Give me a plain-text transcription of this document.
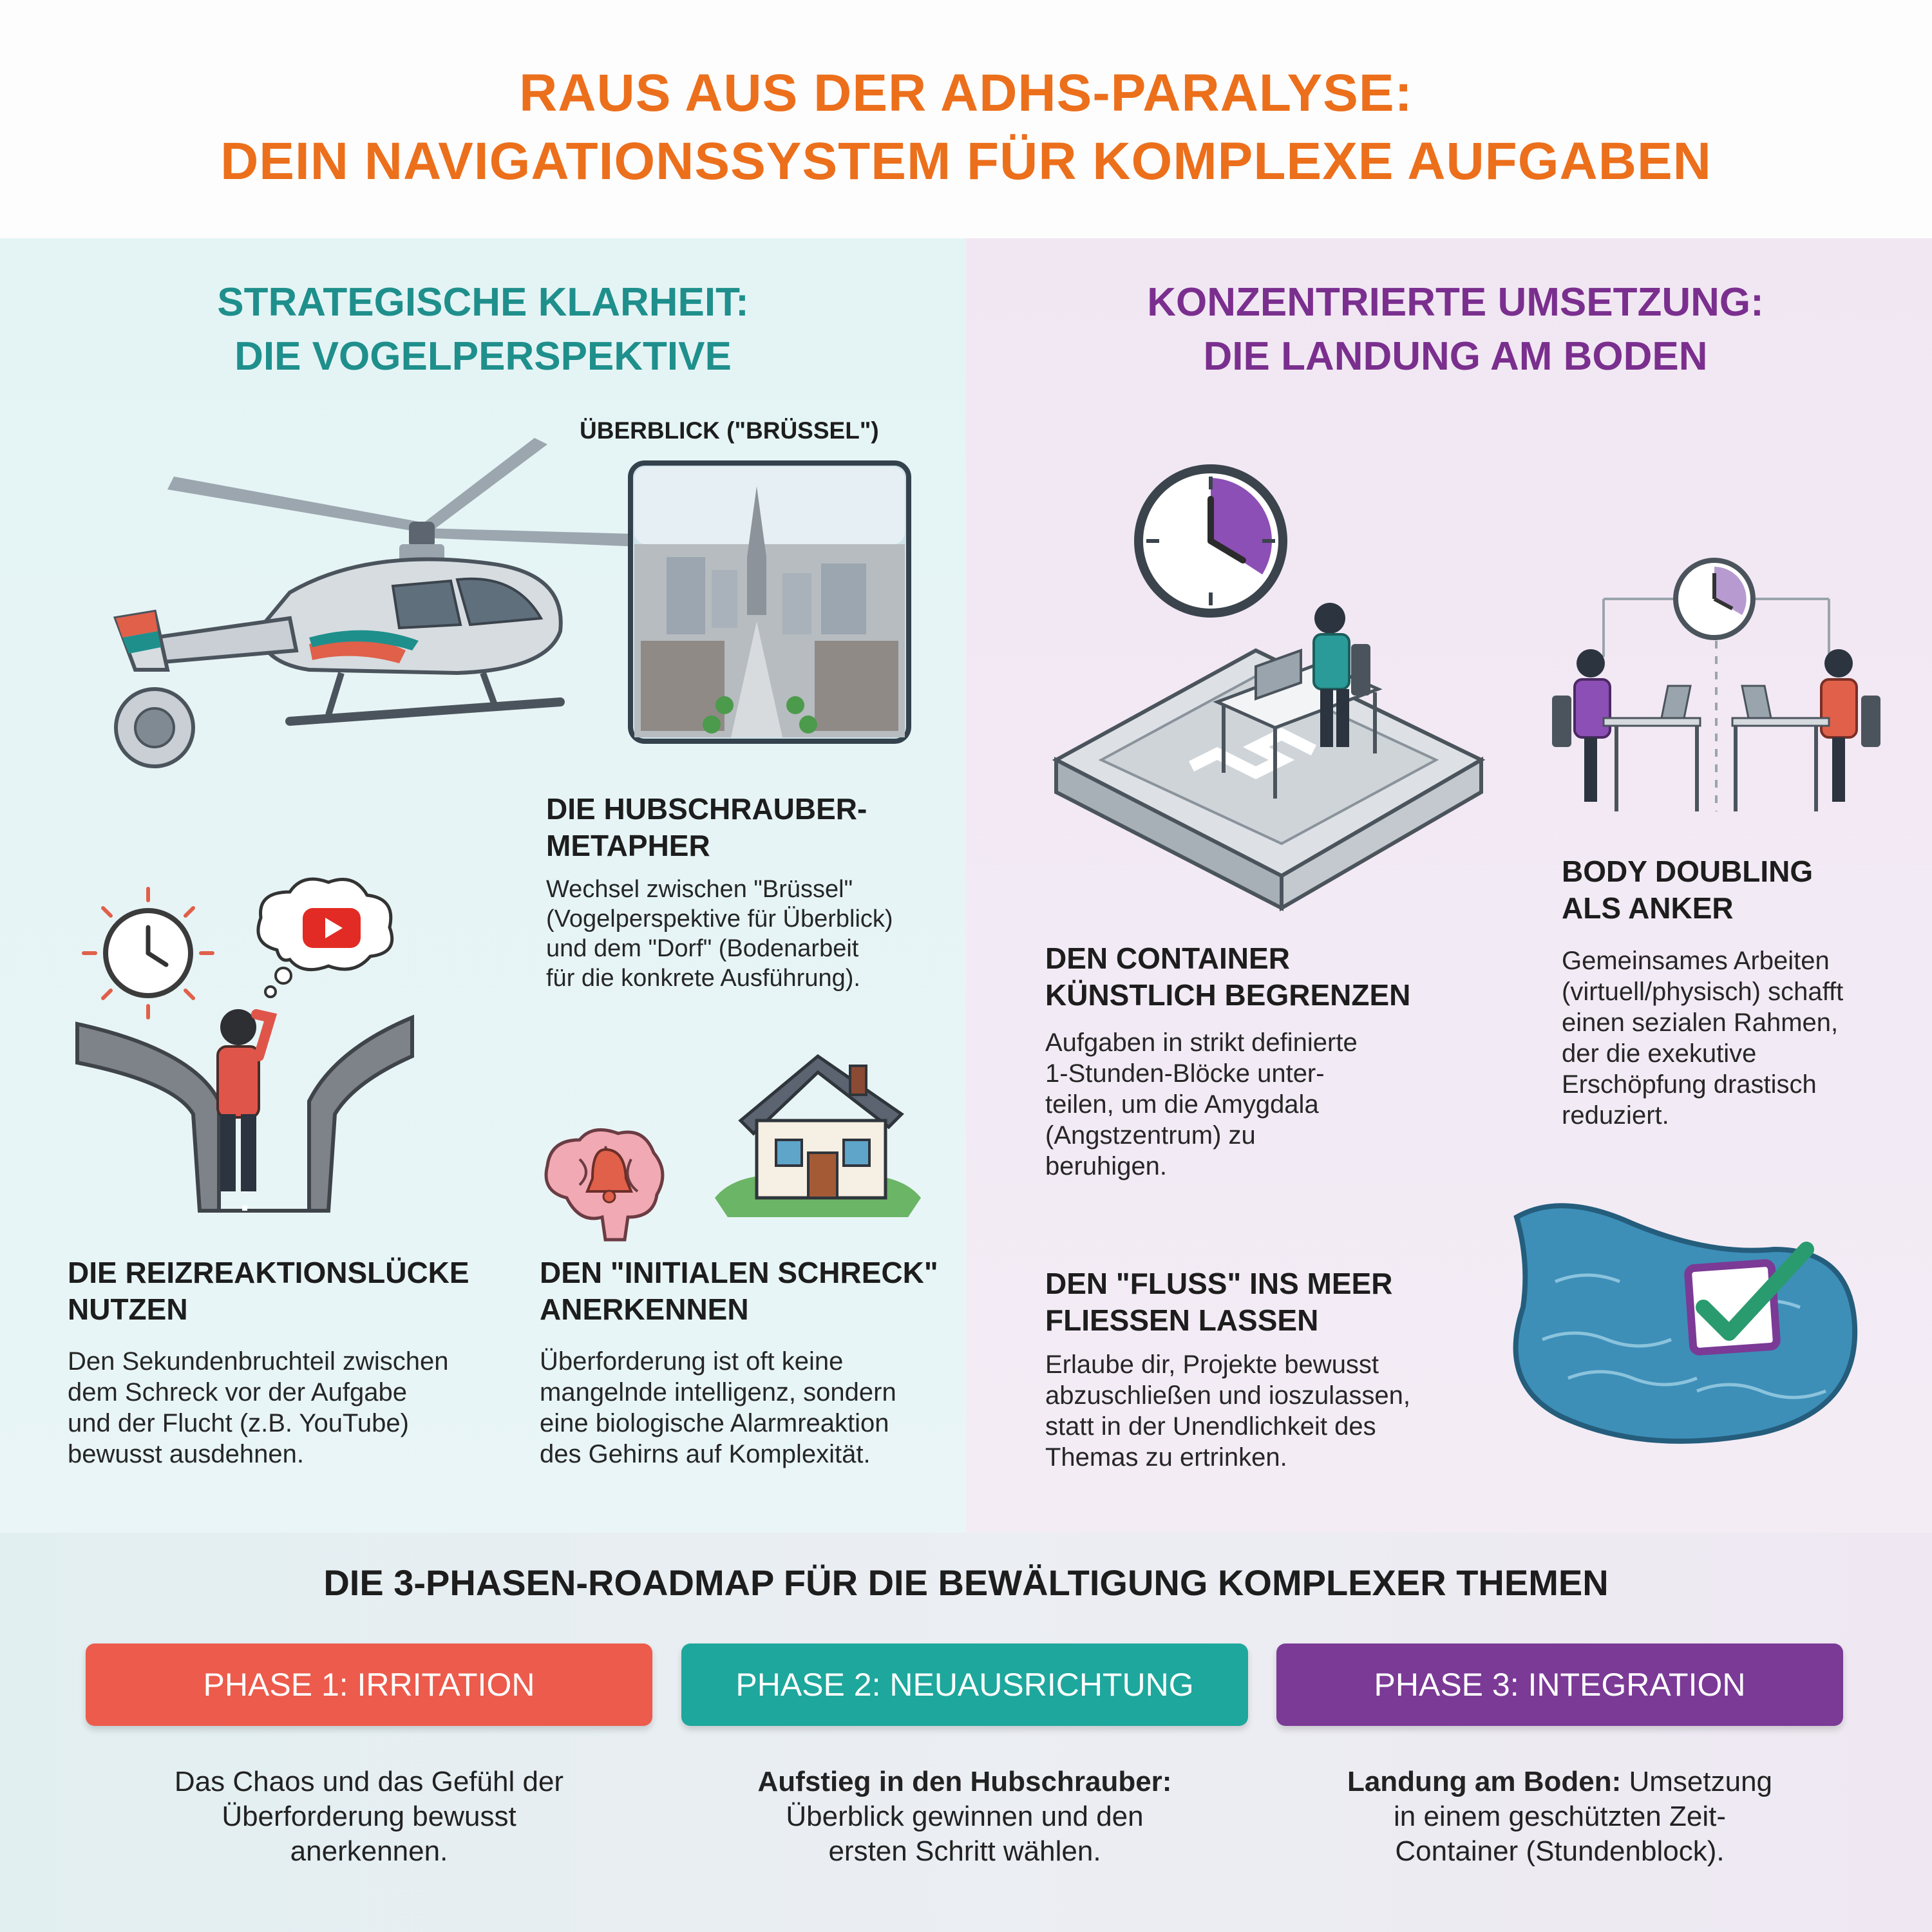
RAUS AUS DER ADHS-PARALYSE:
DEIN NAVIGATIONSSYSTEM FÜR KOMPLEXE AUFGABEN
STRATEGISCHE KLARHEIT:
DIE VOGELPERSPEKTIVE
KONZENTRIERTE UMSETZUNG:
DIE LANDUNG AM BODEN
ÜBERBLICK ("BRÜSSEL")
DIE HUBSCHRAUBER-
METAPHER
Wechsel zwischen "Brüssel"
(Vogelperspektive für Überblick)
und dem "Dorf" (Bodenarbeit
für die konkrete Ausführung).
DIE REIZREAKTIONSLÜCKE
NUTZEN
Den Sekundenbruchteil zwischen
dem Schreck vor der Aufgabe
und der Flucht (z.B. YouTube)
bewusst ausdehnen.
DEN "INITIALEN SCHRECK"
ANERKENNEN
Überforderung ist oft keine
mangelnde intelligenz, sondern
eine biologische Alarmreaktion
des Gehirns auf Komplexität.
DEN CONTAINER
KÜNSTLICH BEGRENZEN
Aufgaben in strikt definierte
1-Stunden-Blöcke unter-
teilen, um die Amygdala
(Angstzentrum) zu
beruhigen.
BODY DOUBLING
ALS ANKER
Gemeinsames Arbeiten
(virtuell/physisch) schafft
einen sezialen Rahmen,
der die exekutive
Erschöpfung drastisch
reduziert.
DEN "FLUSS" INS MEER
FLIESSEN LASSEN
Erlaube dir, Projekte bewusst
abzuschließen und ioszulassen,
statt in der Unendlichkeit des
Themas zu ertrinken.
DIE 3-PHASEN-ROADMAP FÜR DIE BEWÄLTIGUNG KOMPLEXER THEMEN
PHASE 1: IRRITATION	PHASE 2: NEUAUSRICHTUNG	PHASE 3: INTEGRATION
Das Chaos und das Gefühl der
Überforderung bewusst
anerkennen.
Aufstieg in den Hubschrauber:
Überblick gewinnen und den
ersten Schritt wählen.
Landung am Boden: Umsetzung
in einem geschützten Zeit-
Container (Stundenblock).
